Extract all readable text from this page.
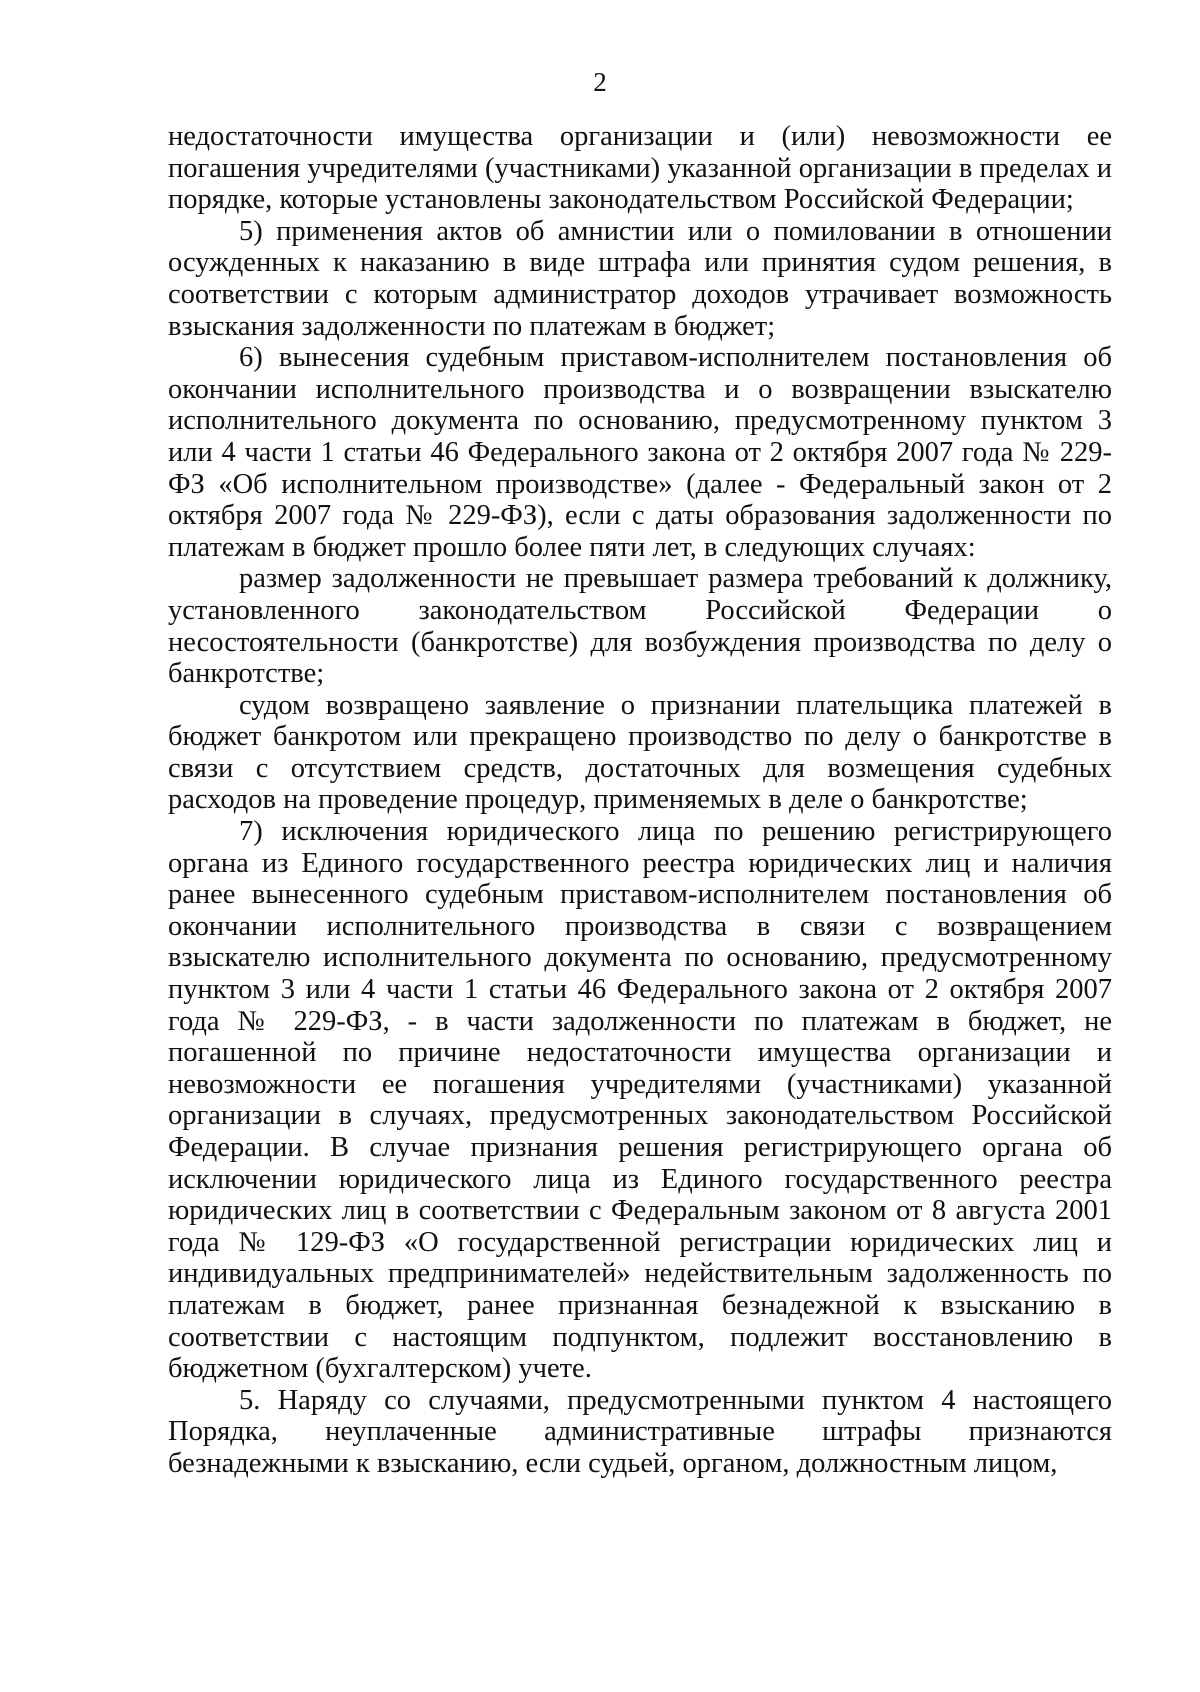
2

недостаточности имущества организации и (или) невозможности ее погашения учредителями (участниками) указанной организации в пределах и порядке, которые установлены законодательством Российской Федерации;

5) применения актов об амнистии или о помиловании в отношении осужденных к наказанию в виде штрафа или принятия судом решения, в соответствии с которым администратор доходов утрачивает возможность взыскания задолженности по платежам в бюджет;

6) вынесения судебным приставом-исполнителем постановления об окончании исполнительного производства и о возвращении взыскателю исполнительного документа по основанию, предусмотренному пунктом 3 или 4 части 1 статьи 46 Федерального закона от 2 октября 2007 года № 229-ФЗ «Об исполнительном производстве» (далее - Федеральный закон от 2 октября 2007 года № 229-ФЗ), если с даты образования задолженности по платежам в бюджет прошло более пяти лет, в следующих случаях:

размер задолженности не превышает размера требований к должнику, установленного законодательством Российской Федерации о несостоятельности (банкротстве) для возбуждения производства по делу о банкротстве;

судом возвращено заявление о признании плательщика платежей в бюджет банкротом или прекращено производство по делу о банкротстве в связи с отсутствием средств, достаточных для возмещения судебных расходов на проведение процедур, применяемых в деле о банкротстве;

7) исключения юридического лица по решению регистрирующего органа из Единого государственного реестра юридических лиц и наличия ранее вынесенного судебным приставом-исполнителем постановления об окончании исполнительного производства в связи с возвращением взыскателю исполнительного документа по основанию, предусмотренному пунктом 3 или 4 части 1 статьи 46 Федерального закона от 2 октября 2007 года № 229-ФЗ, - в части задолженности по платежам в бюджет, не погашенной по причине недостаточности имущества организации и невозможности ее погашения учредителями (участниками) указанной организации в случаях, предусмотренных законодательством Российской Федерации. В случае признания решения регистрирующего органа об исключении юридического лица из Единого государственного реестра юридических лиц в соответствии с Федеральным законом от 8 августа 2001 года № 129-ФЗ «О государственной регистрации юридических лиц и индивидуальных предпринимателей» недействительным задолженность по платежам в бюджет, ранее признанная безнадежной к взысканию в соответствии с настоящим подпунктом, подлежит восстановлению в бюджетном (бухгалтерском) учете.

5. Наряду со случаями, предусмотренными пунктом 4 настоящего Порядка, неуплаченные административные штрафы признаются безнадежными к взысканию, если судьей, органом, должностным лицом,
